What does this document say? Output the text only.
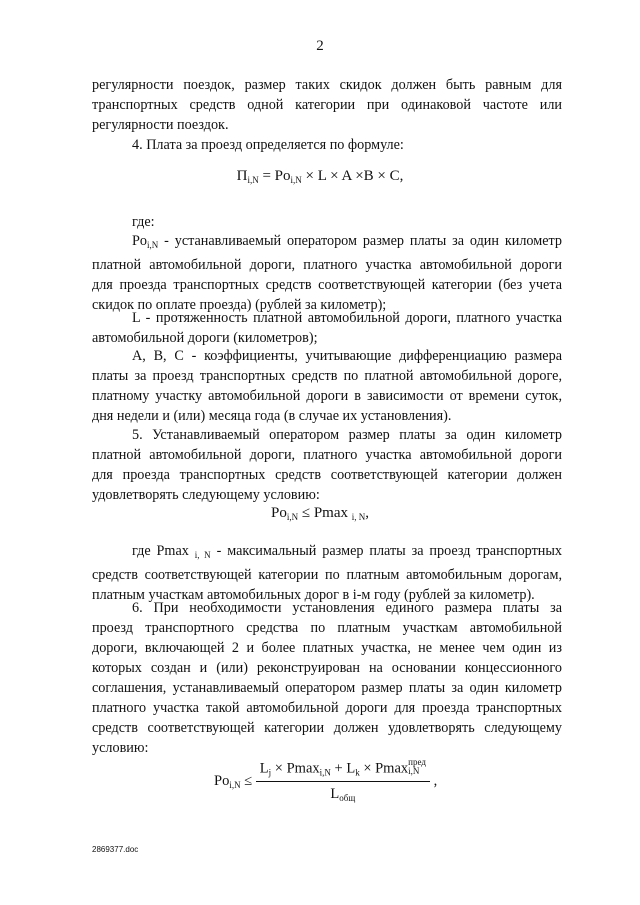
2
регулярности поездок, размер таких скидок должен быть равным для
транспортных средств одной категории при одинаковой частоте или
регулярности поездок.
4. Плата за проезд определяется по формуле:
$П_{i,N} = Po_{i,N} \times L \times A \times B \times C$,
где:
$Po_{i,N}$ - устанавливаемый оператором размер платы за один километр
платной автомобильной дороги, платного участка автомобильной дороги
для проезда транспортных средств соответствующей категории (без учета
скидок по оплате проезда) (рублей за километр);
L - протяженность платной автомобильной дороги, платного участка
автомобильной дороги (километров);
А, В, С - коэффициенты, учитывающие дифференциацию размера
платы за проезд транспортных средств по платной автомобильной дороге,
платному участку автомобильной дороги в зависимости от времени суток,
дня недели и (или) месяца года (в случае их установления).
5. Устанавливаемый оператором размер платы за один километр
платной автомобильной дороги, платного участка автомобильной дороги
для проезда транспортных средств соответствующей категории должен
удовлетворять следующему условию:
$Po_{i,N} \le Pmax$ $_{i, N}$,
где Pmax $_{i, N}$ - максимальный размер платы за проезд транспортных
средств соответствующей категории по платным автомобильным дорогам,
платным участкам автомобильных дорог в i-м году (рублей за километр).
6. При необходимости установления единого размера платы за
проезд транспортного средства по платным участкам автомобильной
дороги, включающей 2 и более платных участка, не менее чем один из
которых создан и (или) реконструирован на основании концессионного
соглашения, устанавливаемый оператором размер платы за один километр
платного участка такой автомобильной дороги для проезда транспортных
средств соответствующей категории должен удовлетворять следующему
условию:
$Po_{i,N}$ ≤
$L_j \times Pmax_{i,N} + L_k$ × Pmaxпред
i,N
$L_{общ}$
,
2869377.doc
